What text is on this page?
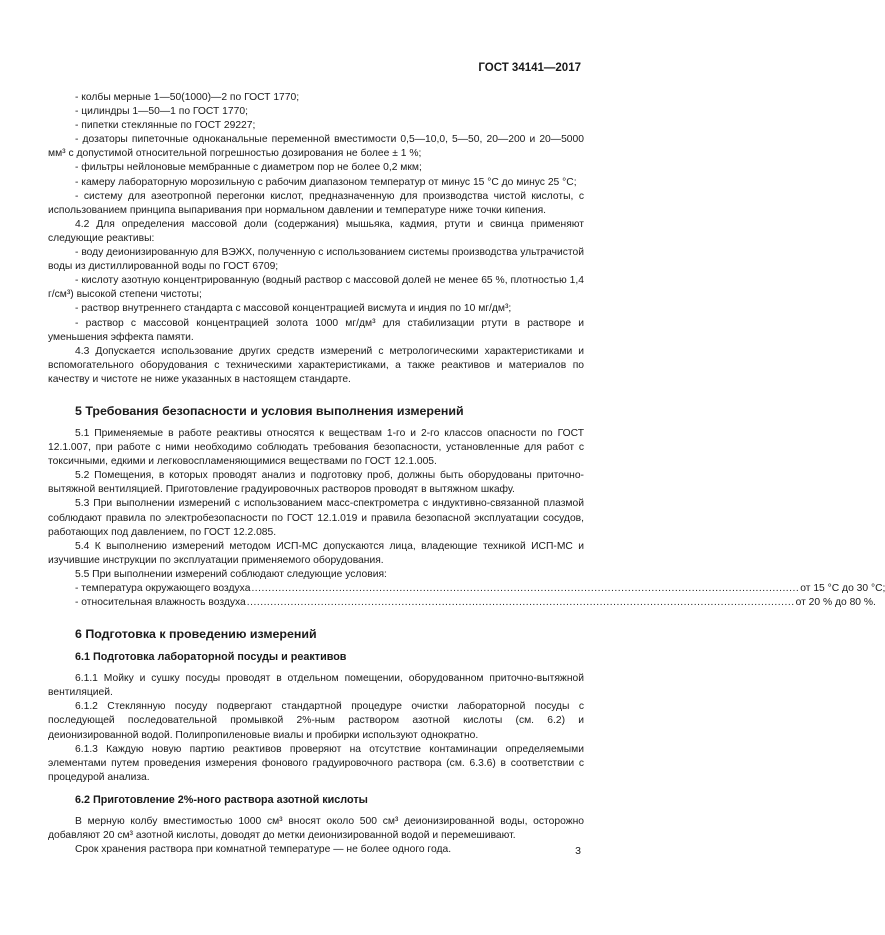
ГОСТ 34141—2017

- колбы мерные 1—50(1000)—2 по ГОСТ 1770;

- цилиндры 1—50—1 по ГОСТ 1770;

- пипетки стеклянные по ГОСТ 29227;

- дозаторы пипеточные одноканальные переменной вместимости 0,5—10,0, 5—50, 20—200 и 20—5000 мм³ с допустимой относительной погрешностью дозирования не более ± 1 %;

- фильтры нейлоновые мембранные с диаметром пор не более 0,2 мкм;

- камеру лабораторную морозильную с рабочим диапазоном температур от минус 15 °С до минус 25 °С;

- систему для азеотропной перегонки кислот, предназначенную для производства чистой кислоты, с использованием принципа выпаривания при нормальном давлении и температуре ниже точки кипения.

4.2 Для определения массовой доли (содержания) мышьяка, кадмия, ртути и свинца применяют следующие реактивы:

- воду деионизированную для ВЭЖХ, полученную с использованием системы производства ультрачистой воды из дистиллированной воды по ГОСТ 6709;

- кислоту азотную концентрированную (водный раствор с массовой долей не менее 65 %, плотностью 1,4 г/см³) высокой степени чистоты;

- раствор внутреннего стандарта с массовой концентрацией висмута и индия по 10 мг/дм³;

- раствор с массовой концентрацией золота 1000 мг/дм³ для стабилизации ртути в растворе и уменьшения эффекта памяти.

4.3 Допускается использование других средств измерений с метрологическими характеристиками и вспомогательного оборудования с техническими характеристиками, а также реактивов и материалов по качеству и чистоте не ниже указанных в настоящем стандарте.

5 Требования безопасности и условия выполнения измерений

5.1 Применяемые в работе реактивы относятся к веществам 1-го и 2-го классов опасности по ГОСТ 12.1.007, при работе с ними необходимо соблюдать требования безопасности, установленные для работ с токсичными, едкими и легковоспламеняющимися веществами по ГОСТ 12.1.005.

5.2 Помещения, в которых проводят анализ и подготовку проб, должны быть оборудованы приточно-вытяжной вентиляцией. Приготовление градуировочных растворов проводят в вытяжном шкафу.

5.3 При выполнении измерений с использованием масс-спектрометра с индуктивно-связанной плазмой соблюдают правила по электробезопасности по ГОСТ 12.1.019 и правила безопасной эксплуатации сосудов, работающих под давлением, по ГОСТ 12.2.085.

5.4 К выполнению измерений методом ИСП-МС допускаются лица, владеющие техникой ИСП-МС и изучившие инструкции по эксплуатации применяемого оборудования.

5.5 При выполнении измерений соблюдают следующие условия:

- температура окружающего воздуха ................................................................................................................................................................... от 15 °С до 30 °С;
- относительная влажность воздуха ................................................................................................................................................................... от 20 % до 80 %.
6 Подготовка к проведению измерений
6.1 Подготовка лабораторной посуды и реактивов

6.1.1 Мойку и сушку посуды проводят в отдельном помещении, оборудованном приточно-вытяжной вентиляцией.

6.1.2 Стеклянную посуду подвергают стандартной процедуре очистки лабораторной посуды с последующей последовательной промывкой 2%-ным раствором азотной кислоты (см. 6.2) и деионизированной водой. Полипропиленовые виалы и пробирки используют однократно.

6.1.3 Каждую новую партию реактивов проверяют на отсутствие контаминации определяемыми элементами путем проведения измерения фонового градуировочного раствора (см. 6.3.6) в соответствии с процедурой анализа.

6.2 Приготовление 2%-ного раствора азотной кислоты

В мерную колбу вместимостью 1000 см³ вносят около 500 см³ деионизированной воды, осторожно добавляют 20 см³ азотной кислоты, доводят до метки деионизированной водой и перемешивают.

Срок хранения раствора при комнатной температуре — не более одного года.	3
